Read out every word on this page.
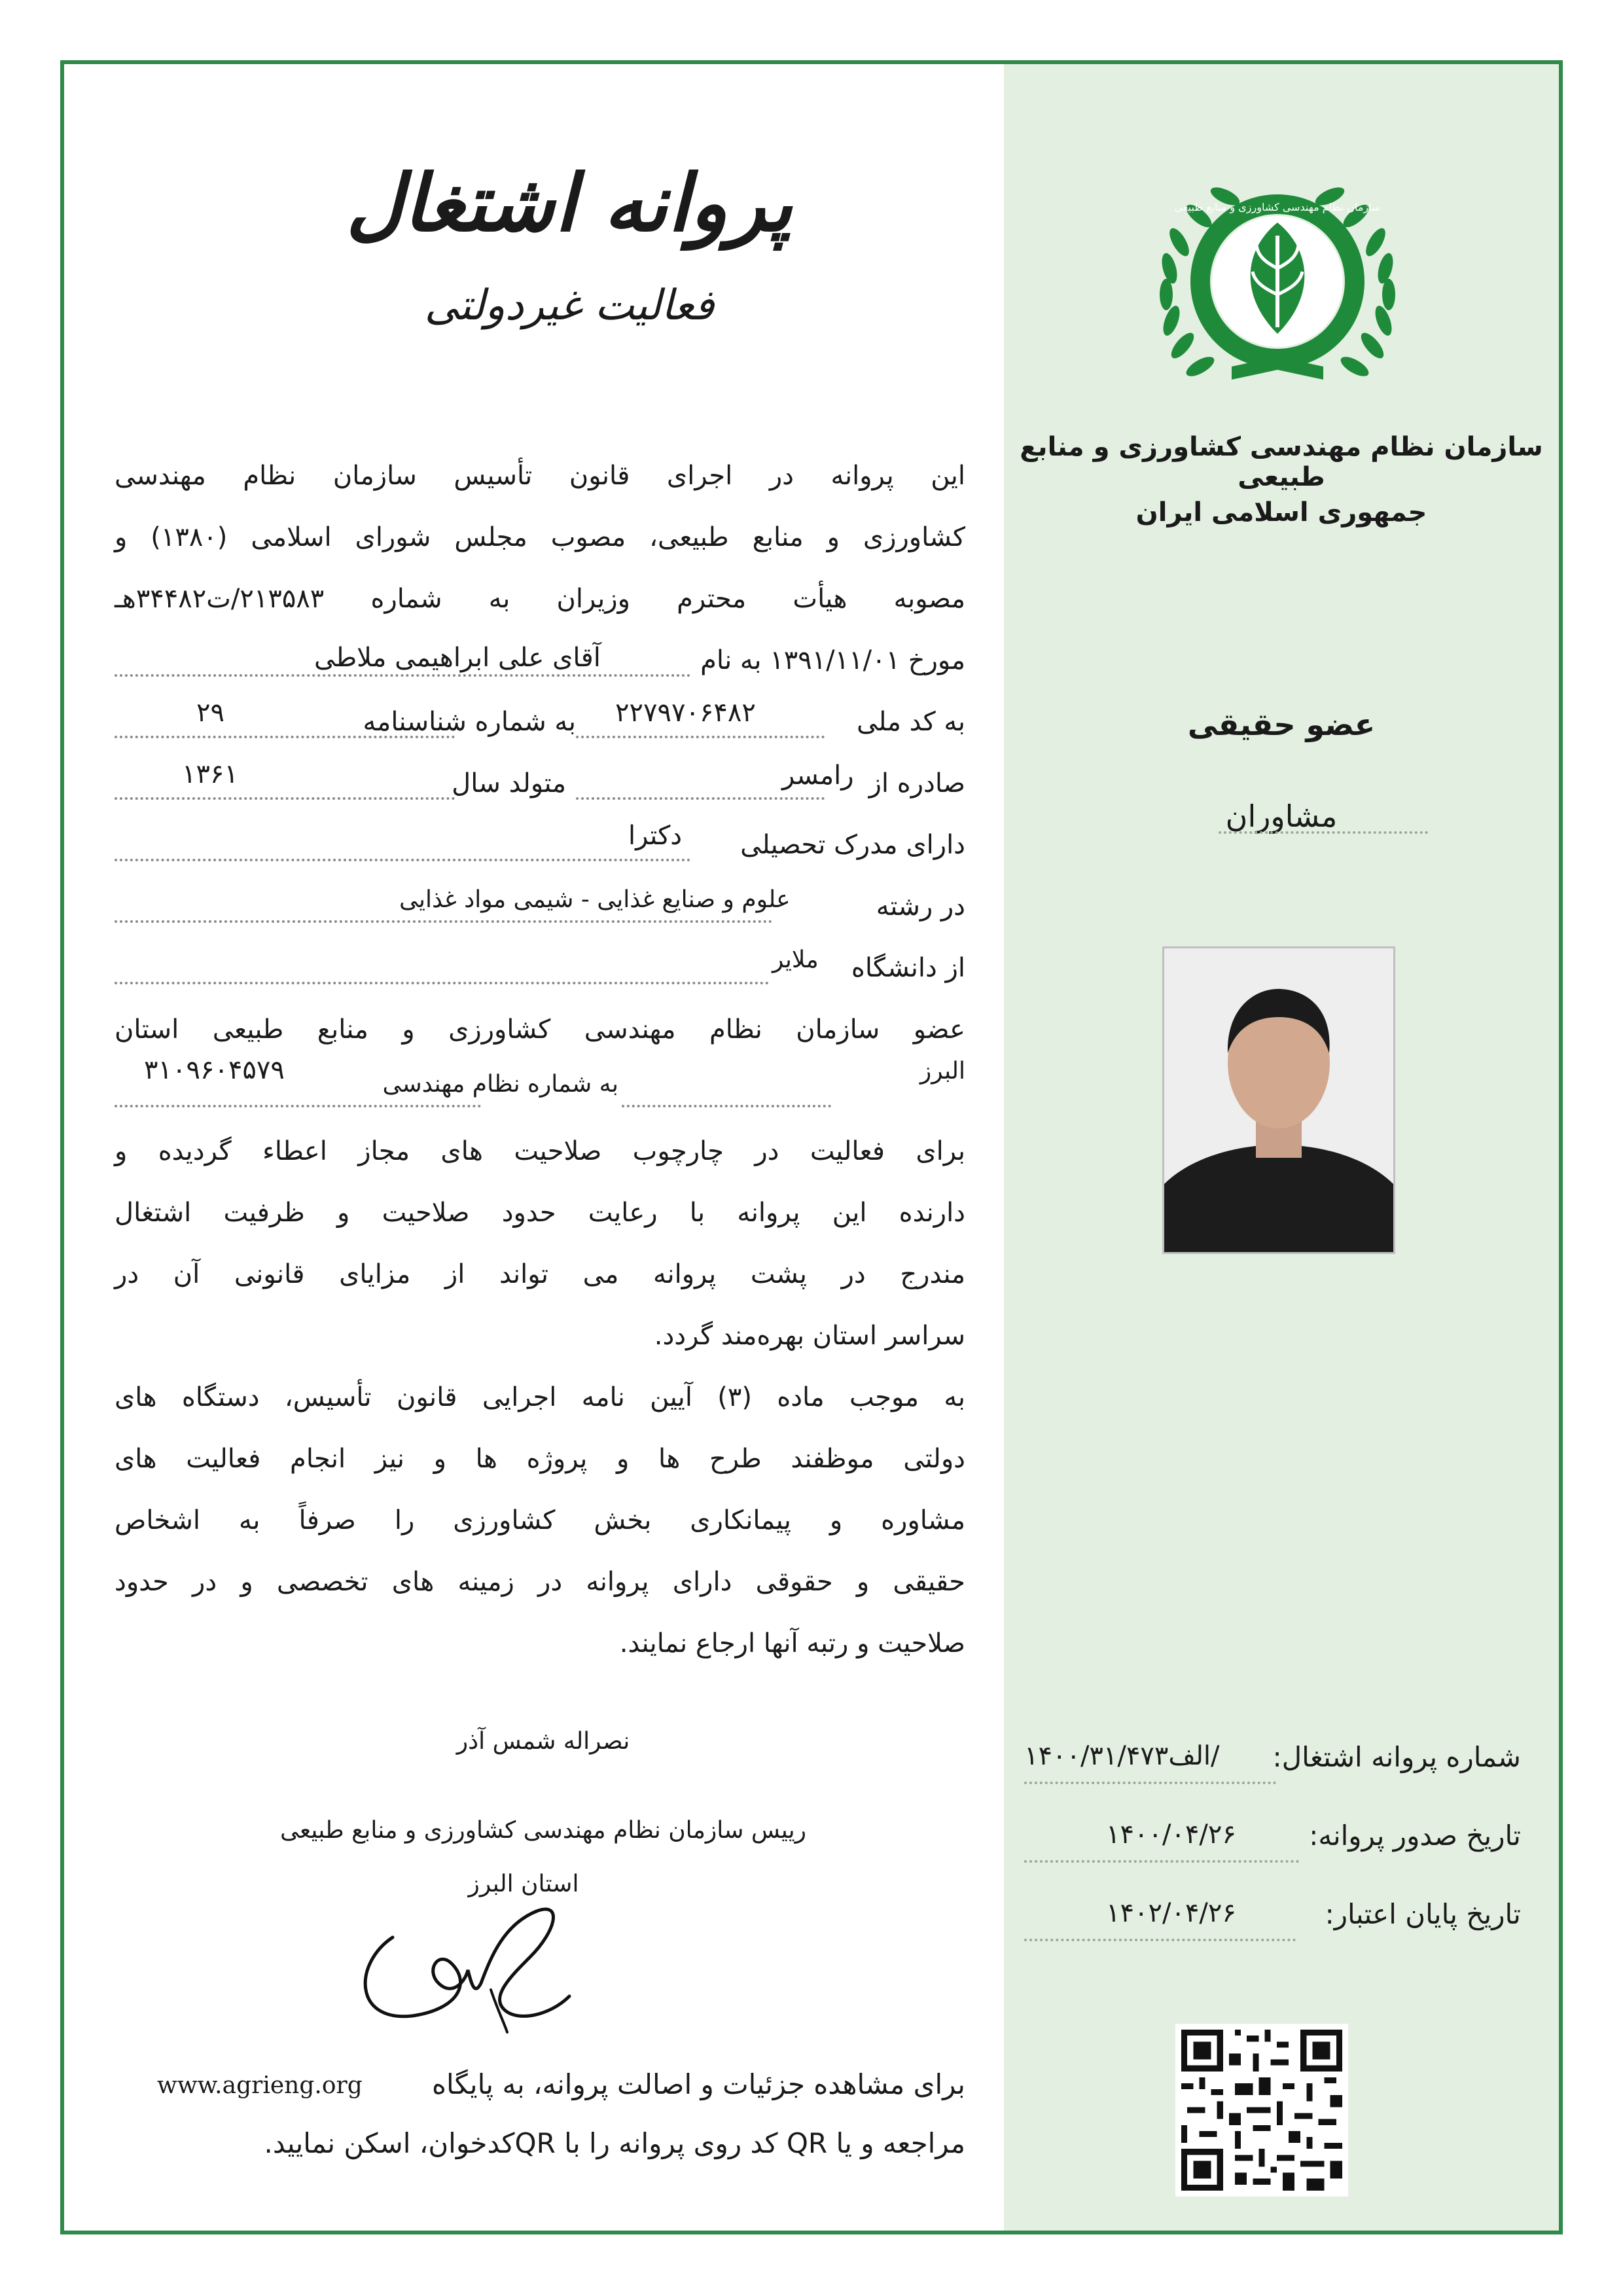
پروانه اشتغال
فعالیت غیردولتی
این پروانه در اجرای قانون تأسیس سازمان نظام مهندسی
کشاورزی و منابع طبیعی، مصوب مجلس شورای اسلامی (۱۳۸۰) و
مصوبه هیأت محترم وزیران به شماره ۲۱۳۵۸۳/ت۳۴۴۸۲هـ
مورخ ۱۳۹۱/۱۱/۰۱ به نام
آقای علی ابراهیمی ملاطی
به کد ملی
۲۲۷۹۷۰۶۴۸۲
به شماره شناسنامه
۲۹
صادره از
رامسر
متولد سال
۱۳۶۱
دارای مدرک تحصیلی
دکترا
در رشته
علوم و صنایع غذایی - شیمی مواد غذایی
از دانشگاه
ملایر
عضو سازمان نظام مهندسی کشاورزی و منابع طبیعی استان
البرز
به شماره نظام مهندسی
۳۱۰۹۶۰۴۵۷۹
برای فعالیت در چارچوب صلاحیت های مجاز اعطاء گردیده و
دارنده این پروانه با رعایت حدود صلاحیت و ظرفیت اشتغال
مندرج در پشت پروانه می تواند از مزایای قانونی آن در
سراسر استان بهره‌مند گردد.
به موجب ماده (۳) آیین نامه اجرایی قانون تأسیس، دستگاه های
دولتی موظفند طرح ها و پروژه ها و نیز انجام فعالیت های
مشاوره و پیمانکاری بخش کشاورزی را صرفاً به اشخاص
حقیقی و حقوقی دارای پروانه در زمینه های تخصصی و در حدود
صلاحیت و رتبه آنها ارجاع نمایند.
نصراله شمس آذر
رییس سازمان نظام مهندسی کشاورزی و منابع طبیعی
استان البرز
برای مشاهده جزئیات و اصالت پروانه، به پایگاه
www.agrieng.org
مراجعه و یا QR کد روی پروانه را با QRکدخوان، اسکن نمایید.
سازمان نظام مهندسی کشاورزی و منابع طبیعی
سازمان نظام مهندسی کشاورزی و منابع طبیعی
جمهوری اسلامی ایران
عضو حقیقی
مشاوران
شماره پروانه اشتغال:
/الف۱۴۰۰/۳۱/۴۷۳
تاریخ صدور پروانه:
۱۴۰۰/۰۴/۲۶
تاریخ پایان اعتبار:
۱۴۰۲/۰۴/۲۶
